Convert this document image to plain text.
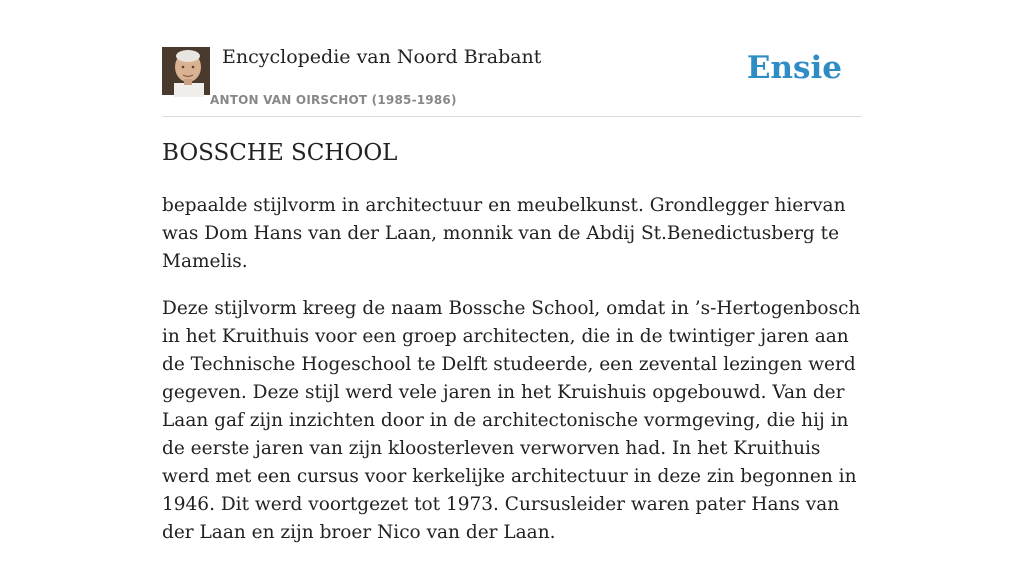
Encyclopedie van Noord Brabant
ANTON VAN OIRSCHOT (1985-1986)
Ensie
BOSSCHE SCHOOL

bepaalde stijlvorm in architectuur en meubelkunst. Grondlegger hiervan was Dom Hans van der Laan, monnik van de Abdij St.Benedictusberg te Mamelis.

Deze stijlvorm kreeg de naam Bossche School, omdat in ’s-Hertogenbosch in het Kruithuis voor een groep architecten, die in de twintiger jaren aan de Technische Hogeschool te Delft studeerde, een zevental lezingen werd gegeven. Deze stijl werd vele jaren in het Kruishuis opgebouwd. Van der Laan gaf zijn inzichten door in de architectonische vormgeving, die hij in de eerste jaren van zijn kloosterleven verworven had. In het Kruithuis werd met een cursus voor kerkelijke architectuur in deze zin begonnen in 1946. Dit werd voortgezet tot 1973. Cursusleider waren pater Hans van der Laan en zijn broer Nico van der Laan.
